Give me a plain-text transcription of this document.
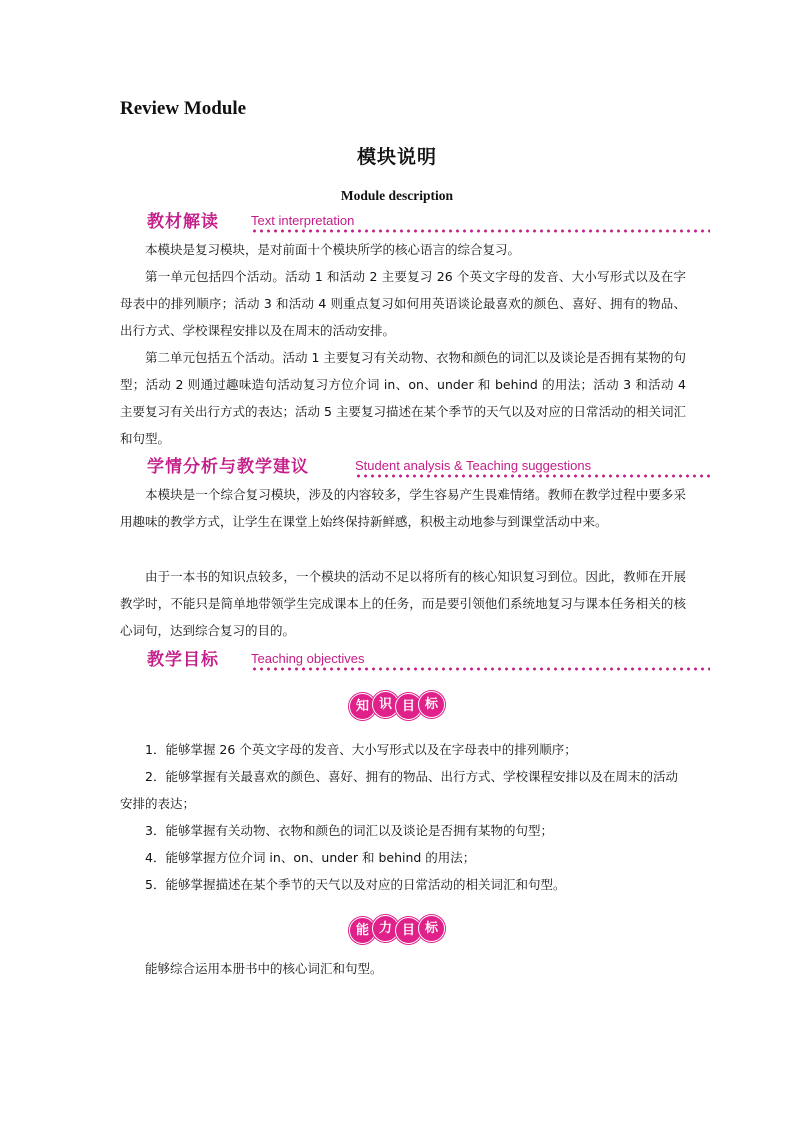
Review Module
模块说明
Module description
教材解读 Text interpretation

本模块是复习模块，是对前面十个模块所学的核心语言的综合复习。

第一单元包括四个活动。活动 1 和活动 2 主要复习 26 个英文字母的发音、大小写形式以及在字母表中的排列顺序；活动 3 和活动 4 则重点复习如何用英语谈论最喜欢的颜色、喜好、拥有的物品、出行方式、学校课程安排以及在周末的活动安排。

第二单元包括五个活动。活动 1 主要复习有关动物、衣物和颜色的词汇以及谈论是否拥有某物的句型；活动 2 则通过趣味造句活动复习方位介词 in、on、under 和 behind 的用法；活动 3 和活动 4 主要复习有关出行方式的表达；活动 5 主要复习描述在某个季节的天气以及对应的日常活动的相关词汇和句型。

学情分析与教学建议	Student analysis & Teaching suggestions

本模块是一个综合复习模块，涉及的内容较多，学生容易产生畏难情绪。教师在教学过程中要多采用趣味的教学方式，让学生在课堂上始终保持新鲜感，积极主动地参与到课堂活动中来。

由于一本书的知识点较多，一个模块的活动不足以将所有的核心知识复习到位。因此，教师在开展教学时，不能只是简单地带领学生完成课本上的任务，而是要引领他们系统地复习与课本任务相关的核心词句，达到综合复习的目的。

教学目标 Teaching objectives
知 识 目 标

1．能够掌握 26 个英文字母的发音、大小写形式以及在字母表中的排列顺序；

2．能够掌握有关最喜欢的颜色、喜好、拥有的物品、出行方式、学校课程安排以及在周末的活动安排的表达；

3．能够掌握有关动物、衣物和颜色的词汇以及谈论是否拥有某物的句型；

4．能够掌握方位介词 in、on、under 和 behind 的用法；

5．能够掌握描述在某个季节的天气以及对应的日常活动的相关词汇和句型。

能 力 目 标

能够综合运用本册书中的核心词汇和句型。
